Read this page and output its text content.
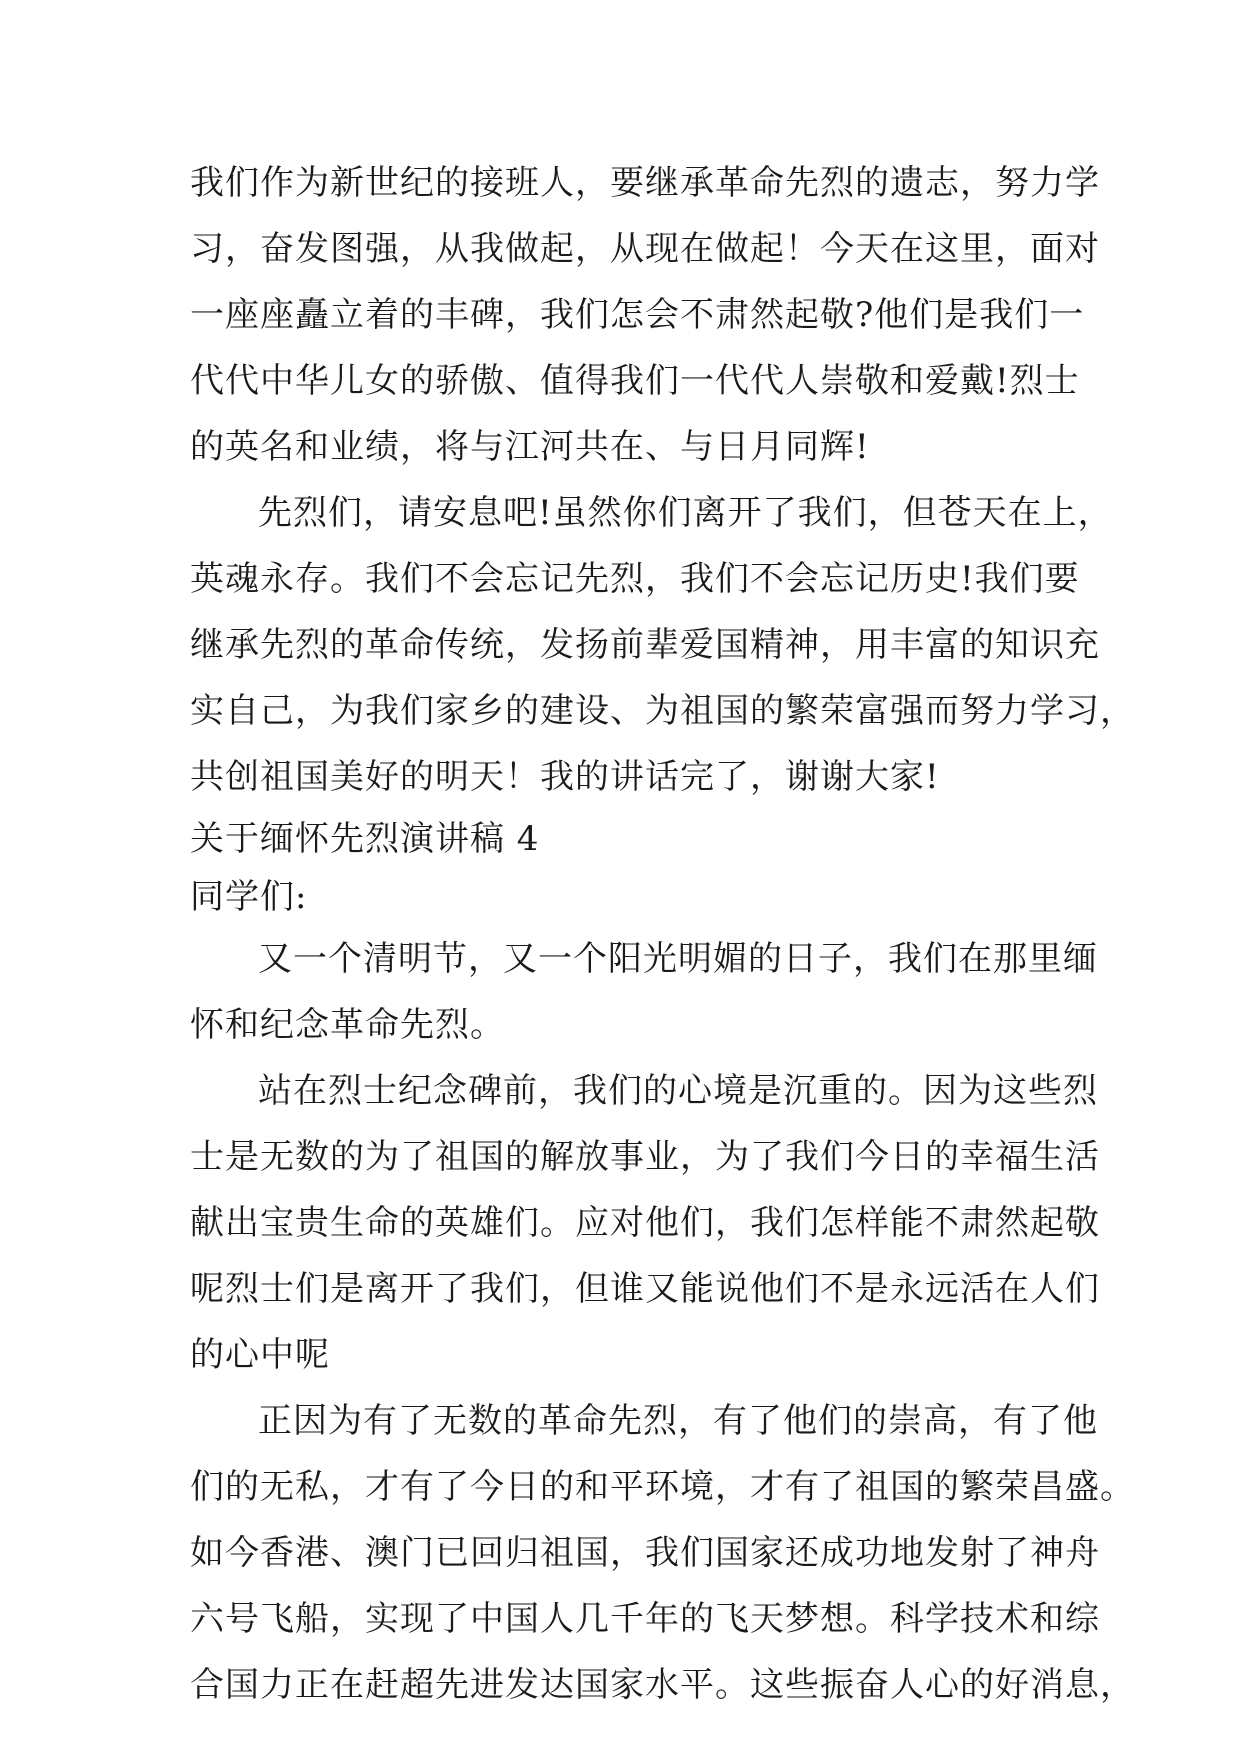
我们作为新世纪的接班人，要继承革命先烈的遗志，努力学
习，奋发图强，从我做起，从现在做起！今天在这里，面对
一座座矗立着的丰碑，我们怎会不肃然起敬?他们是我们一
代代中华儿女的骄傲、值得我们一代代人崇敬和爱戴!烈士
的英名和业绩，将与江河共在、与日月同辉!
先烈们，请安息吧!虽然你们离开了我们，但苍天在上，
英魂永存。我们不会忘记先烈，我们不会忘记历史!我们要
继承先烈的革命传统，发扬前辈爱国精神，用丰富的知识充
实自己，为我们家乡的建设、为祖国的繁荣富强而努力学习，
共创祖国美好的明天！我的讲话完了，谢谢大家!
关于缅怀先烈演讲稿 4
同学们:
又一个清明节，又一个阳光明媚的日子，我们在那里缅
怀和纪念革命先烈。
站在烈士纪念碑前，我们的心境是沉重的。因为这些烈
士是无数的为了祖国的解放事业，为了我们今日的幸福生活
献出宝贵生命的英雄们。应对他们，我们怎样能不肃然起敬
呢烈士们是离开了我们，但谁又能说他们不是永远活在人们
的心中呢
正因为有了无数的革命先烈，有了他们的崇高，有了他
们的无私，才有了今日的和平环境，才有了祖国的繁荣昌盛。
如今香港、澳门已回归祖国，我们国家还成功地发射了神舟
六号飞船，实现了中国人几千年的飞天梦想。科学技术和综
合国力正在赶超先进发达国家水平。这些振奋人心的好消息，
